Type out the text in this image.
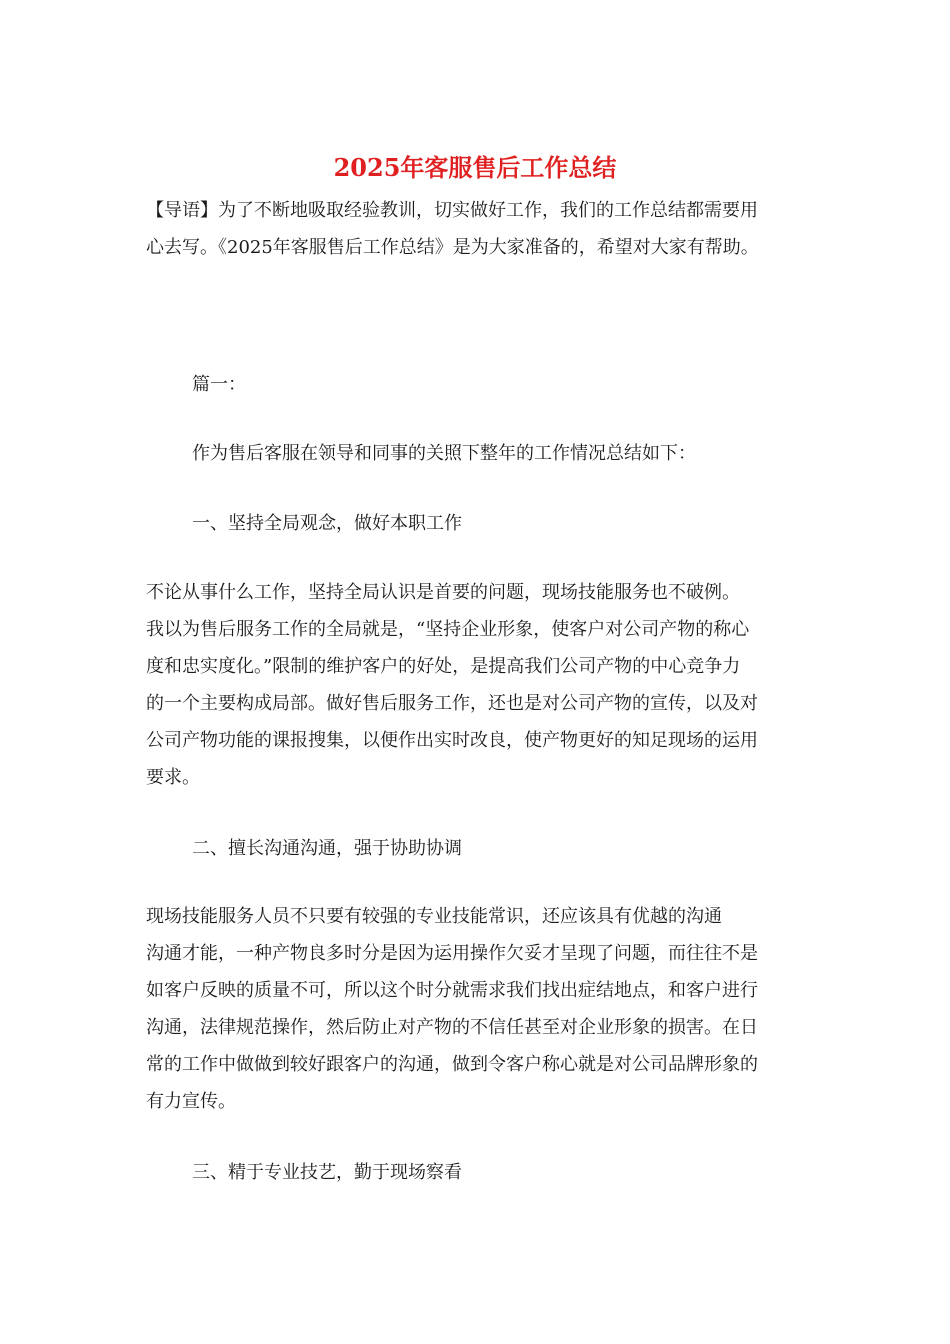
2025年客服售后工作总结

【导语】为了不断地吸取经验教训，切实做好工作，我们的工作总结都需要用
心去写。《2025年客服售后工作总结》是为大家准备的，希望对大家有帮助。

篇一：

作为售后客服在领导和同事的关照下整年的工作情况总结如下：

一、坚持全局观念，做好本职工作

不论从事什么工作，坚持全局认识是首要的问题，现场技能服务也不破例。
我以为售后服务工作的全局就是，“坚持企业形象，使客户对公司产物的称心
度和忠实度化。”限制的维护客户的好处，是提高我们公司产物的中心竞争力
的一个主要构成局部。做好售后服务工作，还也是对公司产物的宣传，以及对
公司产物功能的课报搜集，以便作出实时改良，使产物更好的知足现场的运用
要求。

二、擅长沟通沟通，强于协助协调

现场技能服务人员不只要有较强的专业技能常识，还应该具有优越的沟通
沟通才能，一种产物良多时分是因为运用操作欠妥才呈现了问题，而往往不是
如客户反映的质量不可，所以这个时分就需求我们找出症结地点，和客户进行
沟通，法律规范操作，然后防止对产物的不信任甚至对企业形象的损害。在日
常的工作中做做到较好跟客户的沟通，做到令客户称心就是对公司品牌形象的
有力宣传。

三、精于专业技艺，勤于现场察看
